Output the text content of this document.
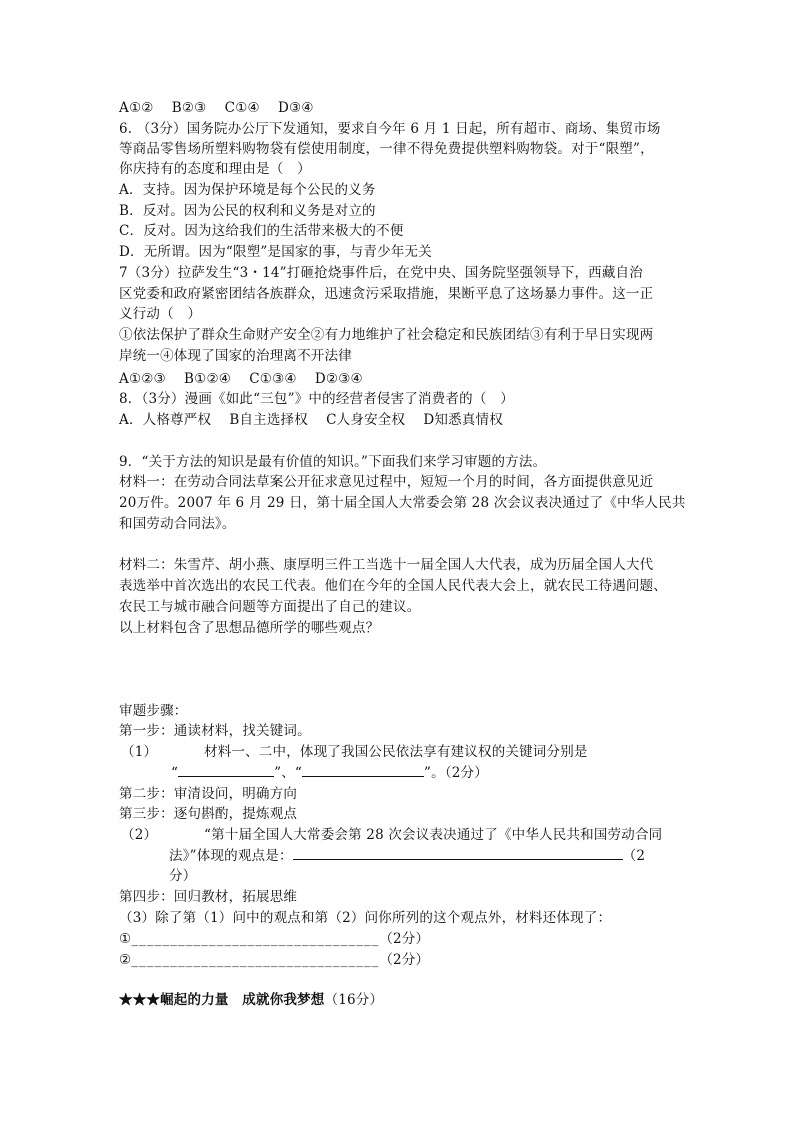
A①②　 B②③　 C①④　 D③④
6. （3分）国务院办公厅下发通知，要求自今年 6 月 1 日起，所有超市、商场、集贸市场
等商品零售场所塑料购物袋有偿使用制度，一律不得免费提供塑料购物袋。对于“限塑”，
你庆持有的态度和理由是（　）
A．支持。因为保护环境是每个公民的义务
B．反对。因为公民的权利和义务是对立的
C．反对。因为这给我们的生活带来极大的不便
D．无所谓。因为“限塑”是国家的事，与青少年无关
7（3分）拉萨发生“3・14”打砸抢烧事件后，在党中央、国务院坚强领导下，西藏自治
区党委和政府紧密团结各族群众，迅速贪污采取措施，果断平息了这场暴力事件。这一正
义行动（　）
①依法保护了群众生命财产安全②有力地维护了社会稳定和民族团结③有利于早日实现两
岸统一④体现了国家的治理离不开法律
A①②③　 B①②④　 C①③④　 D②③④
8．（3分）漫画《如此“三包”》中的经营者侵害了消费者的（　）
A．人格尊严权　 B自主选择权　 C人身安全权　 D知悉真情权
9．“关于方法的知识是最有价值的知识。”下面我们来学习审题的方法。
材料一：在劳动合同法草案公开征求意见过程中，短短一个月的时间，各方面提供意见近
20万件。2007 年 6 月 29 日，第十届全国人大常委会第 28 次会议表决通过了《中华人民共
和国劳动合同法》。
材料二：朱雪芹、胡小燕、康厚明三件工当选十一届全国人大代表，成为历届全国人大代
表选举中首次选出的农民工代表。他们在今年的全国人民代表大会上，就农民工待遇问题、
农民工与城市融合问题等方面提出了自己的建议。
以上材料包含了思想品德所学的哪些观点？
审题步骤：
第一步：通读材料，找关键词。
（1）	材料一、二中，体现了我国公民依法享有建议权的关键词分别是
“	”、“	”。（2分）
第二步：审清设问，明确方向
第三步：逐句斟酌，提炼观点
（2）	“第十届全国人大常委会第 28 次会议表决通过了《中华人民共和国劳动合同
法》”体现的观点是：	（2
分）
第四步：回归教材，拓展思维
（3）除了第（1）问中的观点和第（2）问你所列的这个观点外，材料还体现了：
①________________________________（2分）
②________________________________（2分）
★★★崛起的力量　成就你我梦想（16分）
